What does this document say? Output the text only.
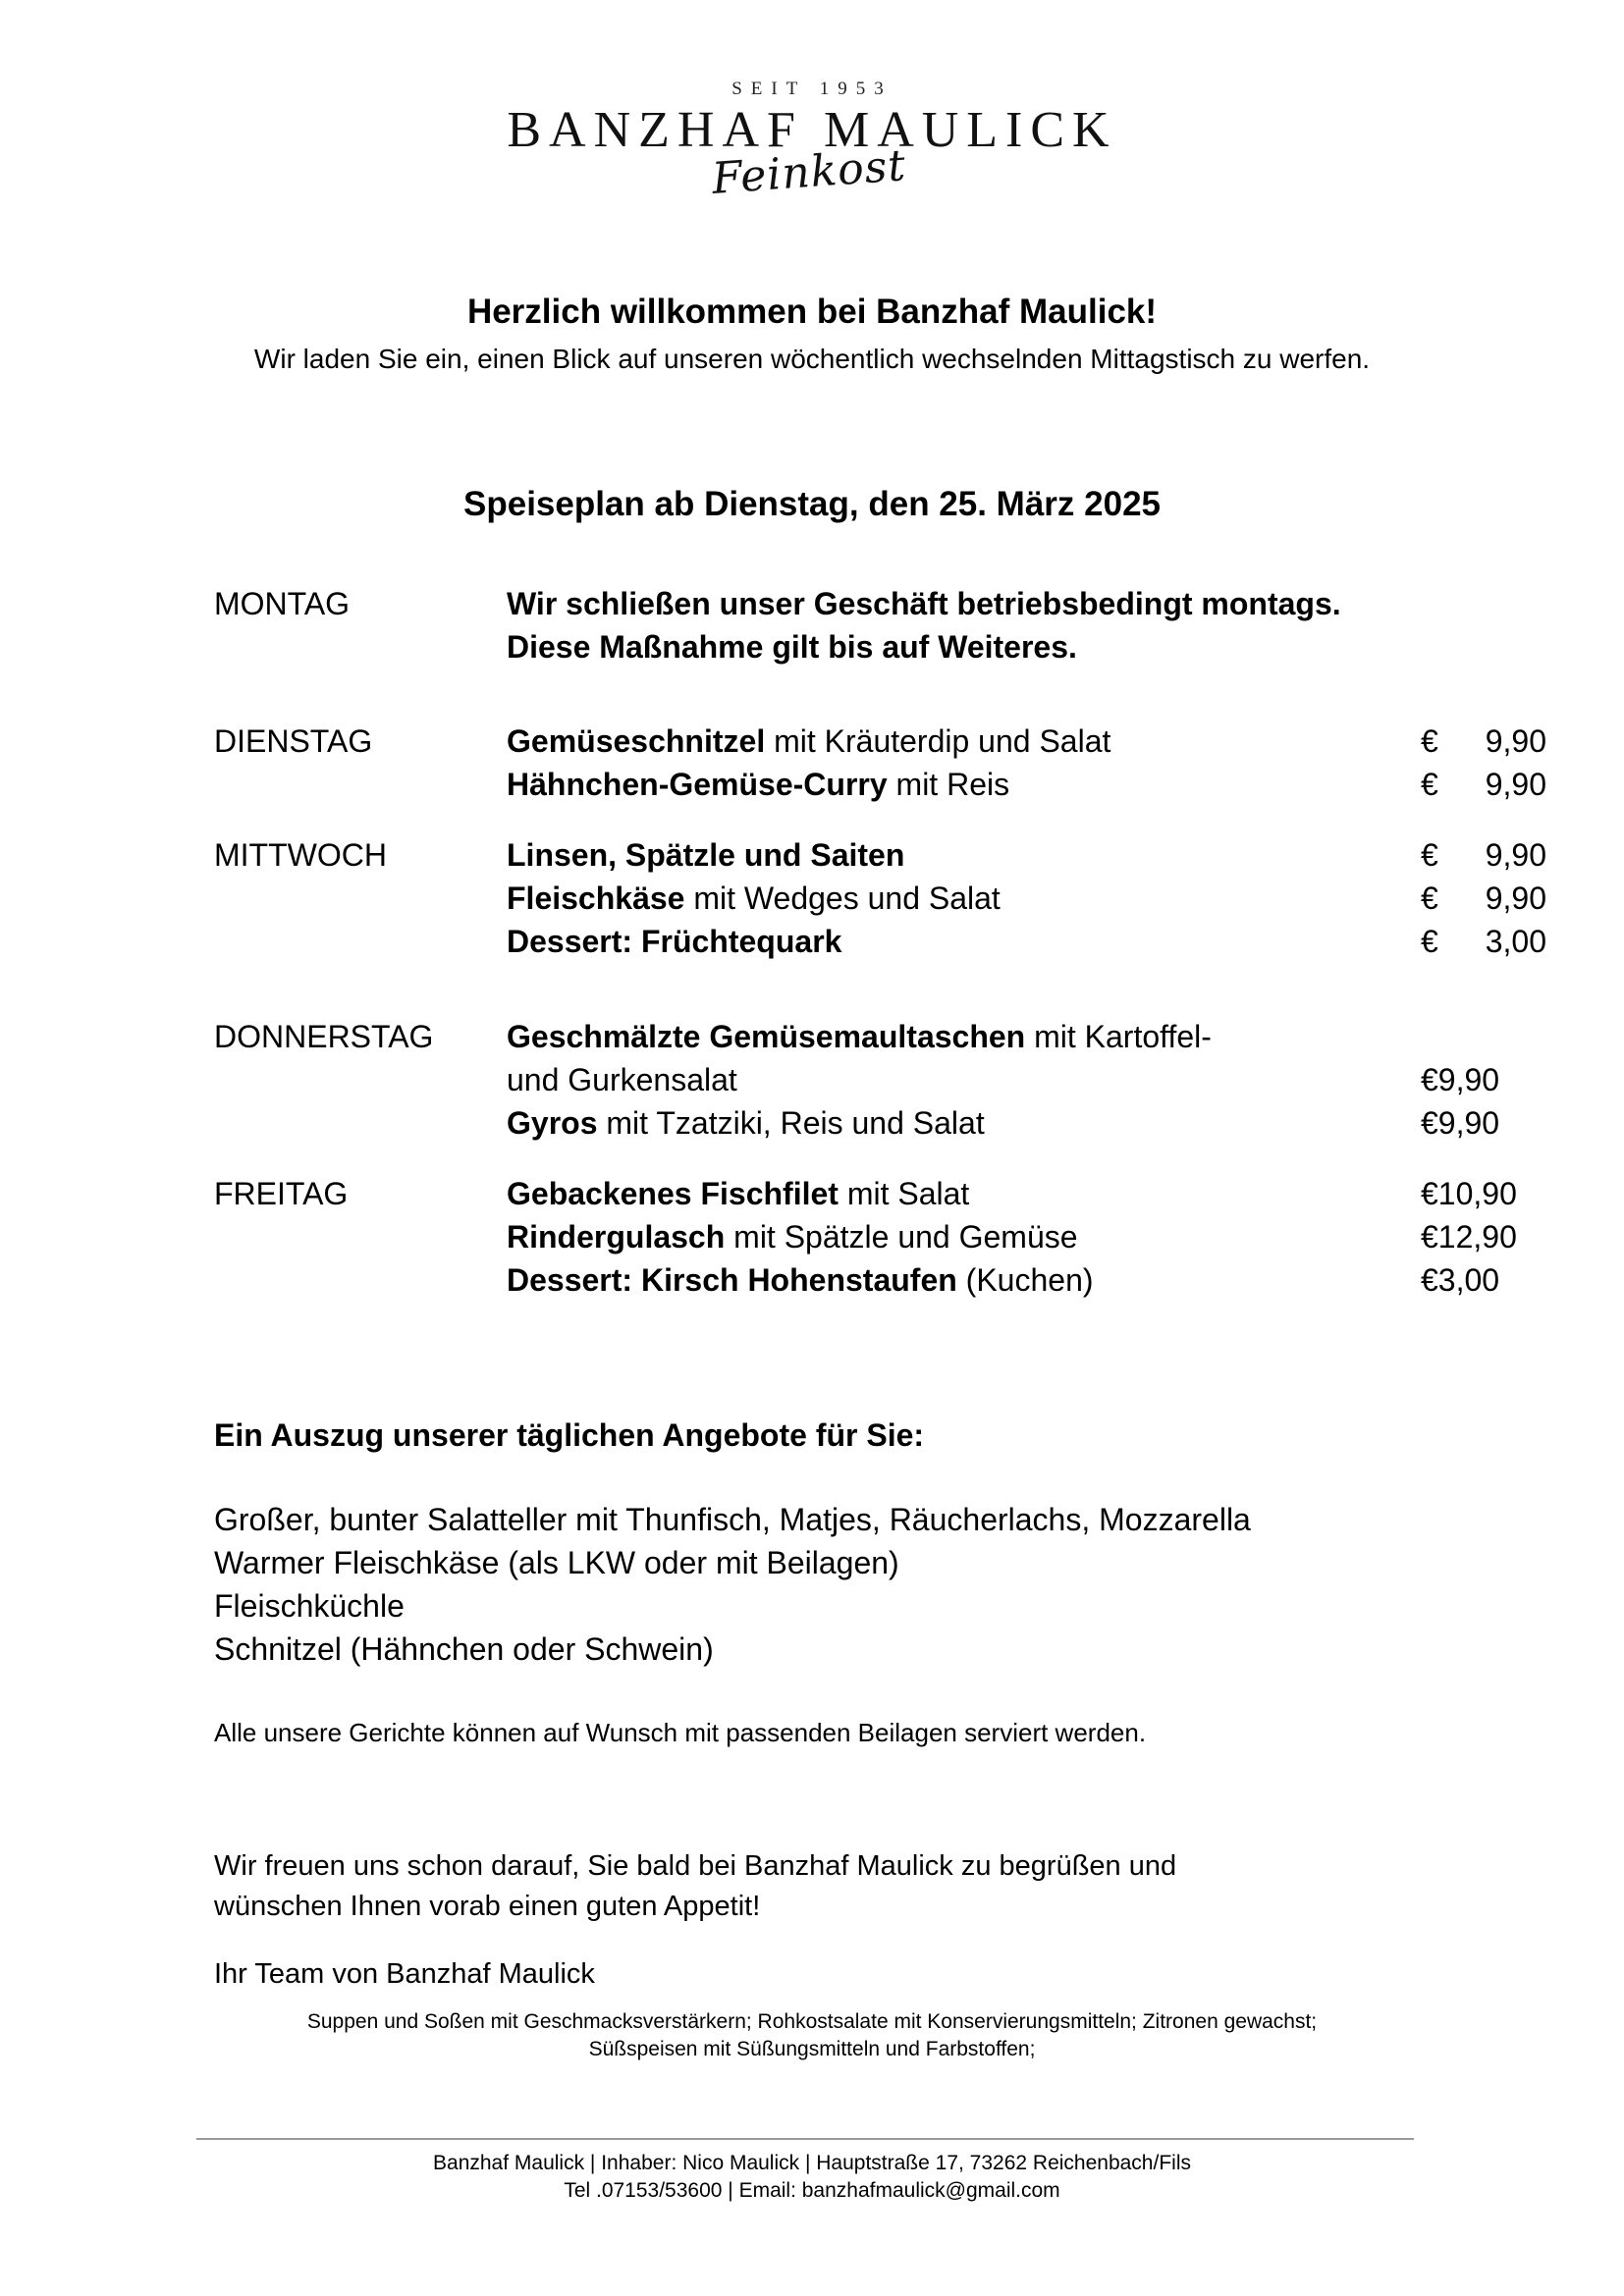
SEIT 1953
BANZHAF MAULICK
Feinkost
Herzlich willkommen bei Banzhaf Maulick!
Wir laden Sie ein, einen Blick auf unseren wöchentlich wechselnden Mittagstisch zu werfen.
Speiseplan ab Dienstag, den 25. März 2025
MONTAG	Wir schließen unser Geschäft betriebsbedingt montags.
Diese Maßnahme gilt bis auf Weiteres.
DIENSTAG	Gemüseschnitzel mit Kräuterdip und Salat	€	9,90
Hähnchen-Gemüse-Curry mit Reis	€	9,90
MITTWOCH	Linsen, Spätzle und Saiten	€	9,90
Fleischkäse mit Wedges und Salat	€	9,90
Dessert: Früchtequark	€	3,00
DONNERSTAG Geschmälzte Gemüsemaultaschen mit Kartoffel-
und Gurkensalat	€9,90
Gyros mit Tzatziki, Reis und Salat	€9,90
FREITAG	Gebackenes Fischfilet mit Salat	€10,90
Rindergulasch mit Spätzle und Gemüse	€12,90
Dessert: Kirsch Hohenstaufen (Kuchen)	€3,00
Ein Auszug unserer täglichen Angebote für Sie:
Großer, bunter Salatteller mit Thunfisch, Matjes, Räucherlachs, Mozzarella
Warmer Fleischkäse (als LKW oder mit Beilagen)
Fleischküchle
Schnitzel (Hähnchen oder Schwein)
Alle unsere Gerichte können auf Wunsch mit passenden Beilagen serviert werden.
Wir freuen uns schon darauf, Sie bald bei Banzhaf Maulick zu begrüßen und
wünschen Ihnen vorab einen guten Appetit!
Ihr Team von Banzhaf Maulick
Suppen und Soßen mit Geschmacksverstärkern; Rohkostsalate mit Konservierungsmitteln; Zitronen gewachst;
Süßspeisen mit Süßungsmitteln und Farbstoffen;
Banzhaf Maulick | Inhaber: Nico Maulick | Hauptstraße 17, 73262 Reichenbach/Fils
Tel .07153/53600 | Email: banzhafmaulick@gmail.com
